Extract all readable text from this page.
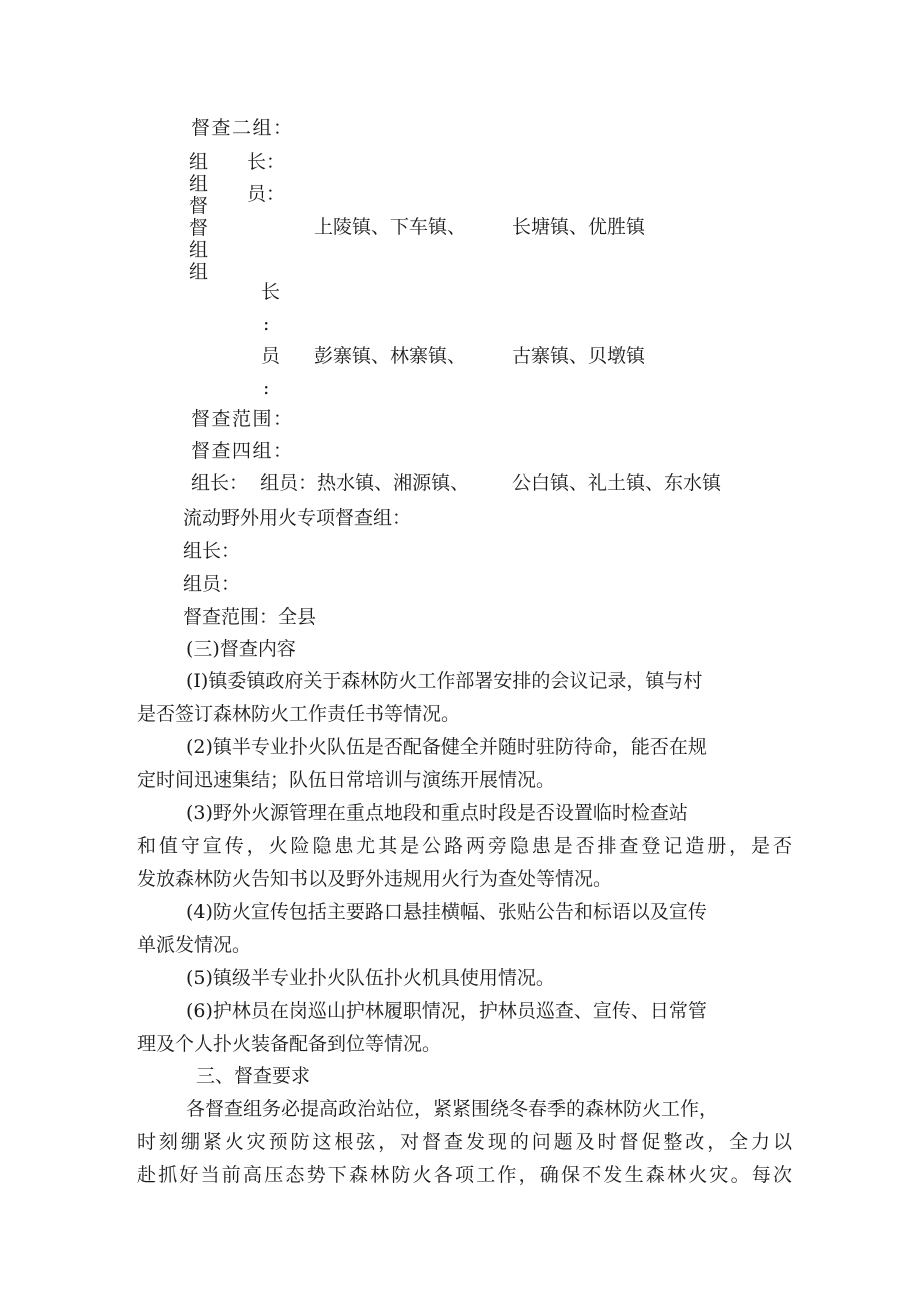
督查二组：
组 长：
组 员：
督
督
组
组
上陵镇、下车镇、 长塘镇、优胜镇
长
:
员
:
彭寨镇、林寨镇、 古寨镇、贝墩镇
督查范围：
督查四组：
组长：  组员：热水镇、湘源镇、 公白镇、礼土镇、东水镇
流动野外用火专项督查组：
组长：
组员：
督查范围：全县
(三)督查内容
(I)镇委镇政府关于森林防火工作部署安排的会议记录，镇与村
是否签订森林防火工作责任书等情况。
(2)镇半专业扑火队伍是否配备健全并随时驻防待命，能否在规
定时间迅速集结；队伍日常培训与演练开展情况。
(3)野外火源管理在重点地段和重点时段是否设置临时检查站
和值守宣传，火险隐患尤其是公路两旁隐患是否排查登记造册，是否
发放森林防火告知书以及野外违规用火行为查处等情况。
(4)防火宣传包括主要路口悬挂横幅、张贴公告和标语以及宣传
单派发情况。
(5)镇级半专业扑火队伍扑火机具使用情况。
(6)护林员在岗巡山护林履职情况，护林员巡查、宣传、日常管
理及个人扑火装备配备到位等情况。
三、督查要求
各督查组务必提高政治站位，紧紧围绕冬春季的森林防火工作，
时刻绷紧火灾预防这根弦，对督查发现的问题及时督促整改，全力以
赴抓好当前高压态势下森林防火各项工作，确保不发生森林火灾。每次
